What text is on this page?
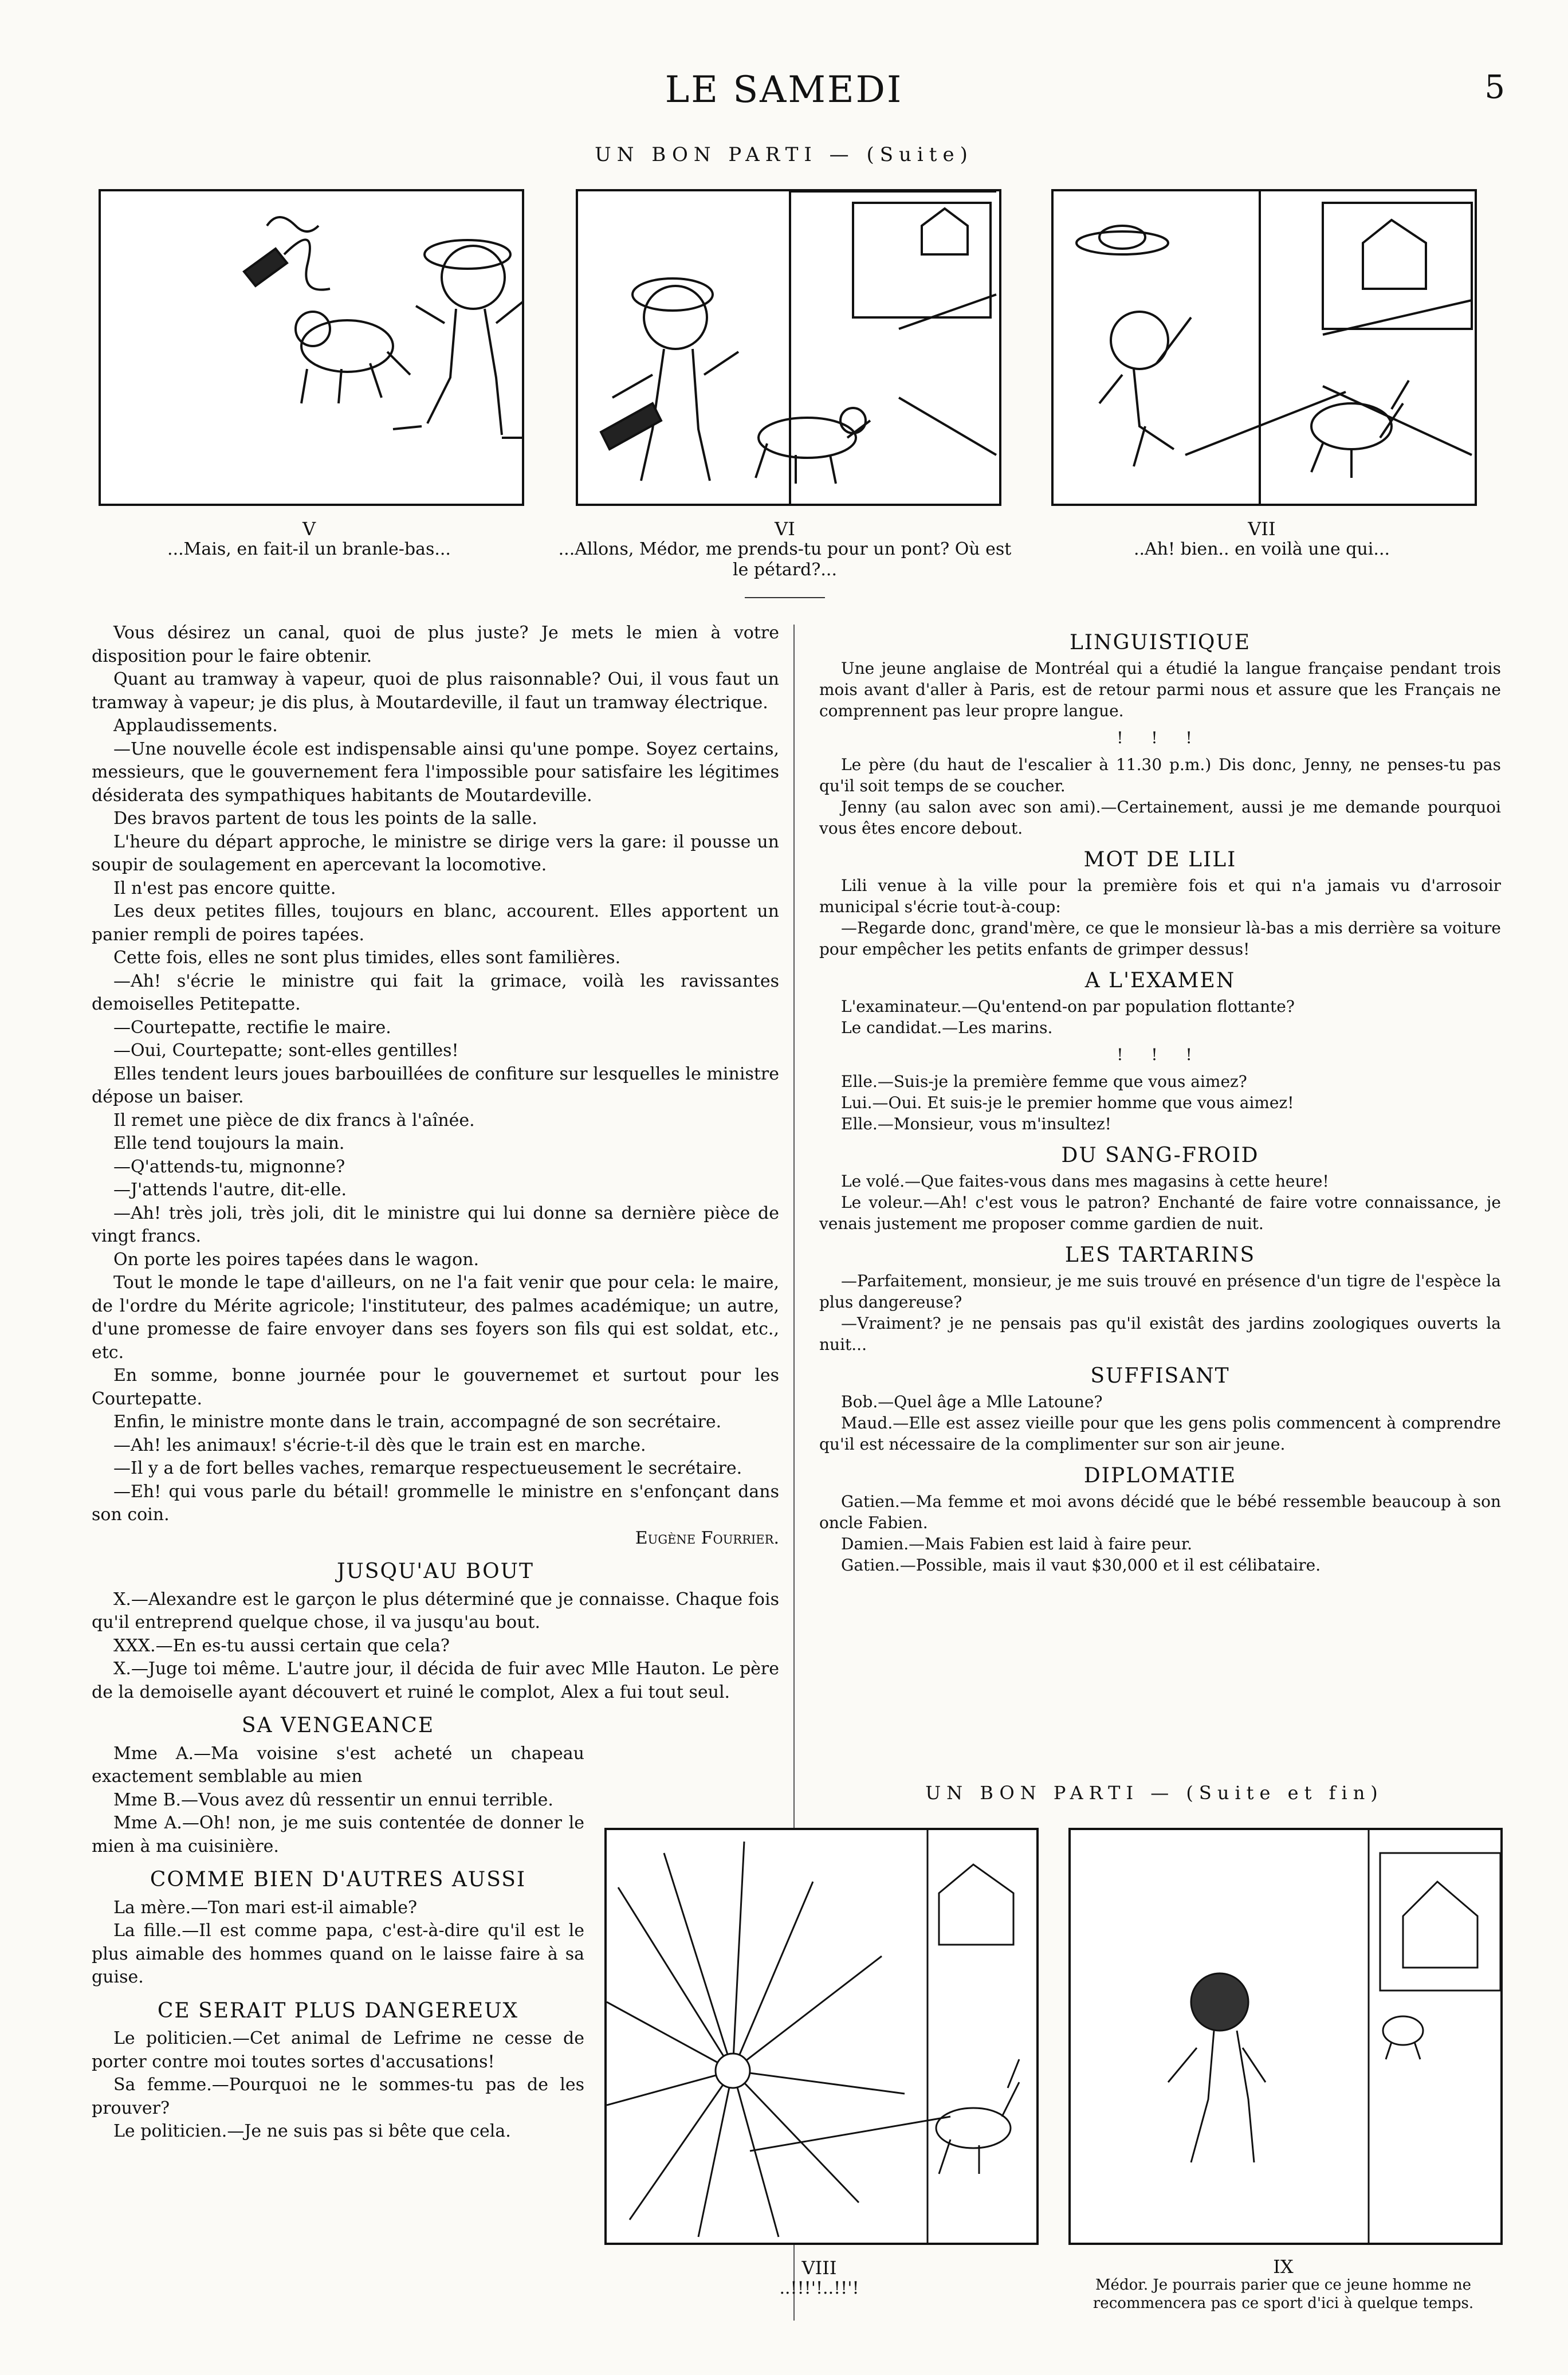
LE SAMEDI	5
UN BON PARTI — (Suite)
V
...Mais, en fait-il un branle-bas...
VI
...Allons, Médor, me prends-tu pour un pont? Où est le pétard?...
VII
..Ah! bien.. en voilà une qui...

Vous désirez un canal, quoi de plus juste? Je mets le mien à votre disposition pour le faire obtenir.

Quant au tramway à vapeur, quoi de plus raisonnable? Oui, il vous faut un tramway à vapeur; je dis plus, à Moutardeville, il faut un tramway électrique.

Applaudissements.

—Une nouvelle école est indispensable ainsi qu'une pompe. Soyez certains, messieurs, que le gouvernement fera l'impossible pour satisfaire les légitimes désiderata des sympathiques habitants de Moutardeville.

Des bravos partent de tous les points de la salle.

L'heure du départ approche, le ministre se dirige vers la gare: il pousse un soupir de soulagement en apercevant la locomotive.

Il n'est pas encore quitte.

Les deux petites filles, toujours en blanc, accourent. Elles apportent un panier rempli de poires tapées.

Cette fois, elles ne sont plus timides, elles sont familières.

—Ah! s'écrie le ministre qui fait la grimace, voilà les ravissantes demoiselles Petitepatte.

—Courtepatte, rectifie le maire.

—Oui, Courtepatte; sont-elles gentilles!

Elles tendent leurs joues barbouillées de confiture sur lesquelles le ministre dépose un baiser.

Il remet une pièce de dix francs à l'aînée.

Elle tend toujours la main.

—Q'attends-tu, mignonne?

—J'attends l'autre, dit-elle.

—Ah! très joli, très joli, dit le ministre qui lui donne sa dernière pièce de vingt francs.

On porte les poires tapées dans le wagon.

Tout le monde le tape d'ailleurs, on ne l'a fait venir que pour cela: le maire, de l'ordre du Mérite agricole; l'instituteur, des palmes académique; un autre, d'une promesse de faire envoyer dans ses foyers son fils qui est soldat, etc., etc.

En somme, bonne journée pour le gouvernemet et surtout pour les Courtepatte.

Enfin, le ministre monte dans le train, accompagné de son secrétaire.

—Ah! les animaux! s'écrie-t-il dès que le train est en marche.

—Il y a de fort belles vaches, remarque respectueusement le secrétaire.

—Eh! qui vous parle du bétail! grommelle le ministre en s'enfonçant dans son coin.

Eugène Fourrier.
JUSQU'AU BOUT

X.—Alexandre est le garçon le plus déterminé que je connaisse. Chaque fois qu'il entreprend quelque chose, il va jusqu'au bout.

XXX.—En es-tu aussi certain que cela?

X.—Juge toi même. L'autre jour, il décida de fuir avec Mlle Hauton. Le père de la demoiselle ayant découvert et ruiné le complot, Alex a fui tout seul.

SA VENGEANCE

Mme A.—Ma voisine s'est acheté un chapeau exactement semblable au mien

Mme B.—Vous avez dû ressentir un ennui terrible.

Mme A.—Oh! non, je me suis contentée de donner le mien à ma cuisinière.

COMME BIEN D'AUTRES AUSSI

La mère.—Ton mari est-il aimable?

La fille.—Il est comme papa, c'est-à-dire qu'il est le plus aimable des hommes quand on le laisse faire à sa guise.

CE SERAIT PLUS DANGEREUX

Le politicien.—Cet animal de Lefrime ne cesse de porter contre moi toutes sortes d'accusations!

Sa femme.—Pourquoi ne le sommes-tu pas de les prouver?

Le politicien.—Je ne suis pas si bête que cela.

LINGUISTIQUE

Une jeune anglaise de Montréal qui a étudié la langue française pendant trois mois avant d'aller à Paris, est de retour parmi nous et assure que les Français ne comprennent pas leur propre langue.

! ! !

Le père (du haut de l'escalier à 11.30 p.m.) Dis donc, Jenny, ne penses-tu pas qu'il soit temps de se coucher.

Jenny (au salon avec son ami).—Certainement, aussi je me demande pourquoi vous êtes encore debout.

MOT DE LILI

Lili venue à la ville pour la première fois et qui n'a jamais vu d'arrosoir municipal s'écrie tout-à-coup:

—Regarde donc, grand'mère, ce que le monsieur là-bas a mis derrière sa voiture pour empêcher les petits enfants de grimper dessus!

A L'EXAMEN

L'examinateur.—Qu'entend-on par population flottante?

Le candidat.—Les marins.

! ! !

Elle.—Suis-je la première femme que vous aimez?

Lui.—Oui. Et suis-je le premier homme que vous aimez!

Elle.—Monsieur, vous m'insultez!

DU SANG-FROID

Le volé.—Que faites-vous dans mes magasins à cette heure!

Le voleur.—Ah! c'est vous le patron? Enchanté de faire votre connaissance, je venais justement me proposer comme gardien de nuit.

LES TARTARINS

—Parfaitement, monsieur, je me suis trouvé en présence d'un tigre de l'espèce la plus dangereuse?

—Vraiment? je ne pensais pas qu'il existât des jardins zoologiques ouverts la nuit...

SUFFISANT

Bob.—Quel âge a Mlle Latoune?

Maud.—Elle est assez vieille pour que les gens polis commencent à comprendre qu'il est nécessaire de la complimenter sur son air jeune.

DIPLOMATIE

Gatien.—Ma femme et moi avons décidé que le bébé ressemble beaucoup à son oncle Fabien.

Damien.—Mais Fabien est laid à faire peur.

Gatien.—Possible, mais il vaut $30,000 et il est célibataire.

UN BON PARTI — (Suite et fin)
VIII
..!!!'!..!!'!
IX
Médor. Je pourrais parier que ce jeune homme ne recommencera pas ce sport d'ici à quelque temps.
